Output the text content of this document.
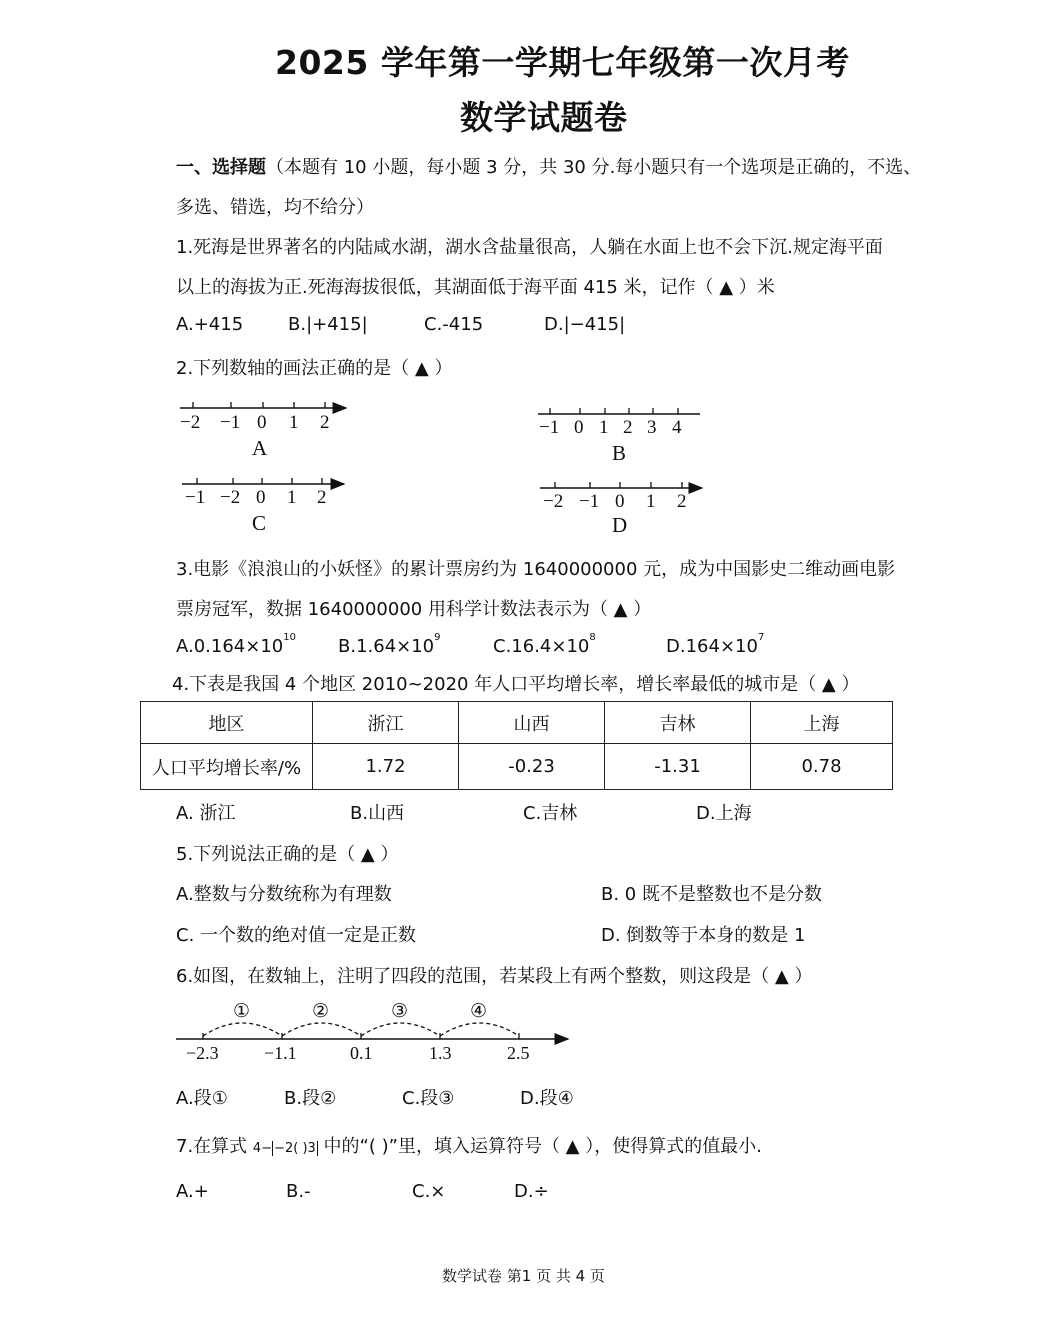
2025 学年第一学期七年级第一次月考
数学试题卷
一、选择题（本题有 10 小题，每小题 3 分，共 30 分.每小题只有一个选项是正确的，不选、
多选、错选，均不给分）
1.死海是世界著名的内陆咸水湖，湖水含盐量很高，人躺在水面上也不会下沉.规定海平面
以上的海拔为正.死海海拔很低，其湖面低于海平面 415 米，记作（ ▲ ）米
A.+415 B.|+415|	C.-415	D.|−415|
2.下列数轴的画法正确的是（ ▲ ）
−2 −1 0 1 2
A
−1 0 1 2 3 4
B
−1 −2 0 1 2
C
−2 −1 0 1 2
D
①	②	③	④
−2.3	−1.1	0.1	1.3	2.5
3.电影《浪浪山的小妖怪》的累计票房约为 1640000000 元，成为中国影史二维动画电影
票房冠军，数据 1640000000 用科学计数法表示为（ ▲ ）
$A.0.164\times 10^{10}$ $B.1.64\times 10^9$	$C.16.4\times 10^8$	$D.164\times 10^7$
4.下表是我国 4 个地区 2010~2020 年人口平均增长率，增长率最低的城市是（ ▲ ）
地区	浙江	山西	吉林	上海
人口平均增长率/%	1.72	-0.23	-1.31	0.78
A. 浙江	B.山西	C.吉林	D.上海
5.下列说法正确的是（ ▲ ）
A.整数与分数统称为有理数	B. 0 既不是整数也不是分数
C. 一个数的绝对值一定是正数	D. 倒数等于本身的数是 1
6.如图，在数轴上，注明了四段的范围，若某段上有两个整数，则这段是（ ▲ ）
A.段①	B.段②	C.段③	D.段④
7.在算式 4− −2( )3 中的“( )”里，填入运算符号（ ▲ ），使得算式的值最小.
A.+	B.-	C.×	D.÷
数学试卷 第1 页 共 4 页
